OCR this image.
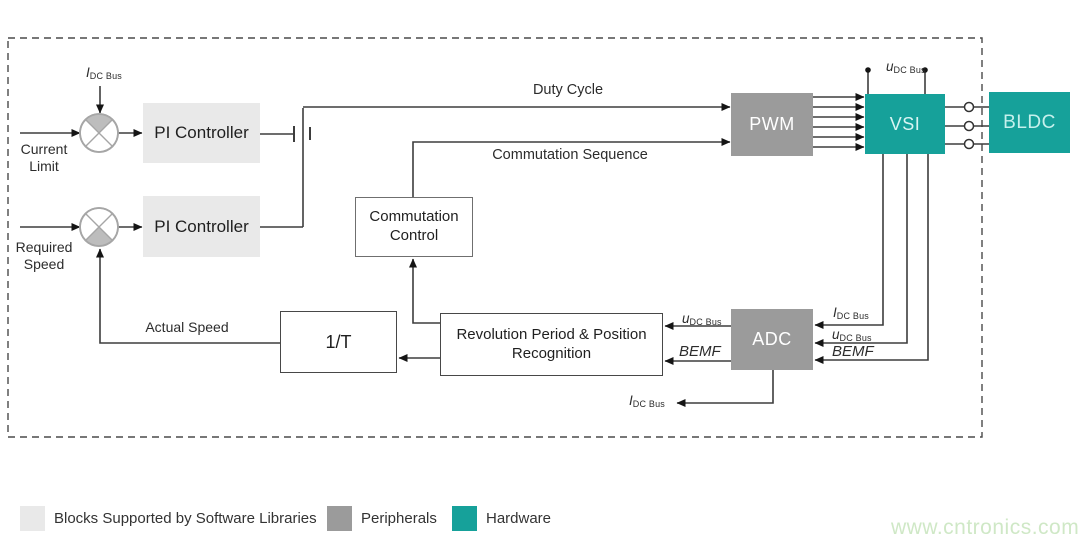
PI Controller
PI Controller
Commutation Control
1/T	Revolution Period & Position Recognition
PWM
ADC
VSI	BLDC
Current Limit
Required Speed
Duty Cycle
Commutation Sequence
Actual Speed
$I_{DC Bus}$
$u_{DC Bus}$
$I_{DC Bus}$
$u_{DC Bus}$
BEMF
$u_{DC Bus}$
BEMF
$I_{DC Bus}$
Blocks Supported by Software Libraries	Peripherals	Hardware	www.cntronics.com
